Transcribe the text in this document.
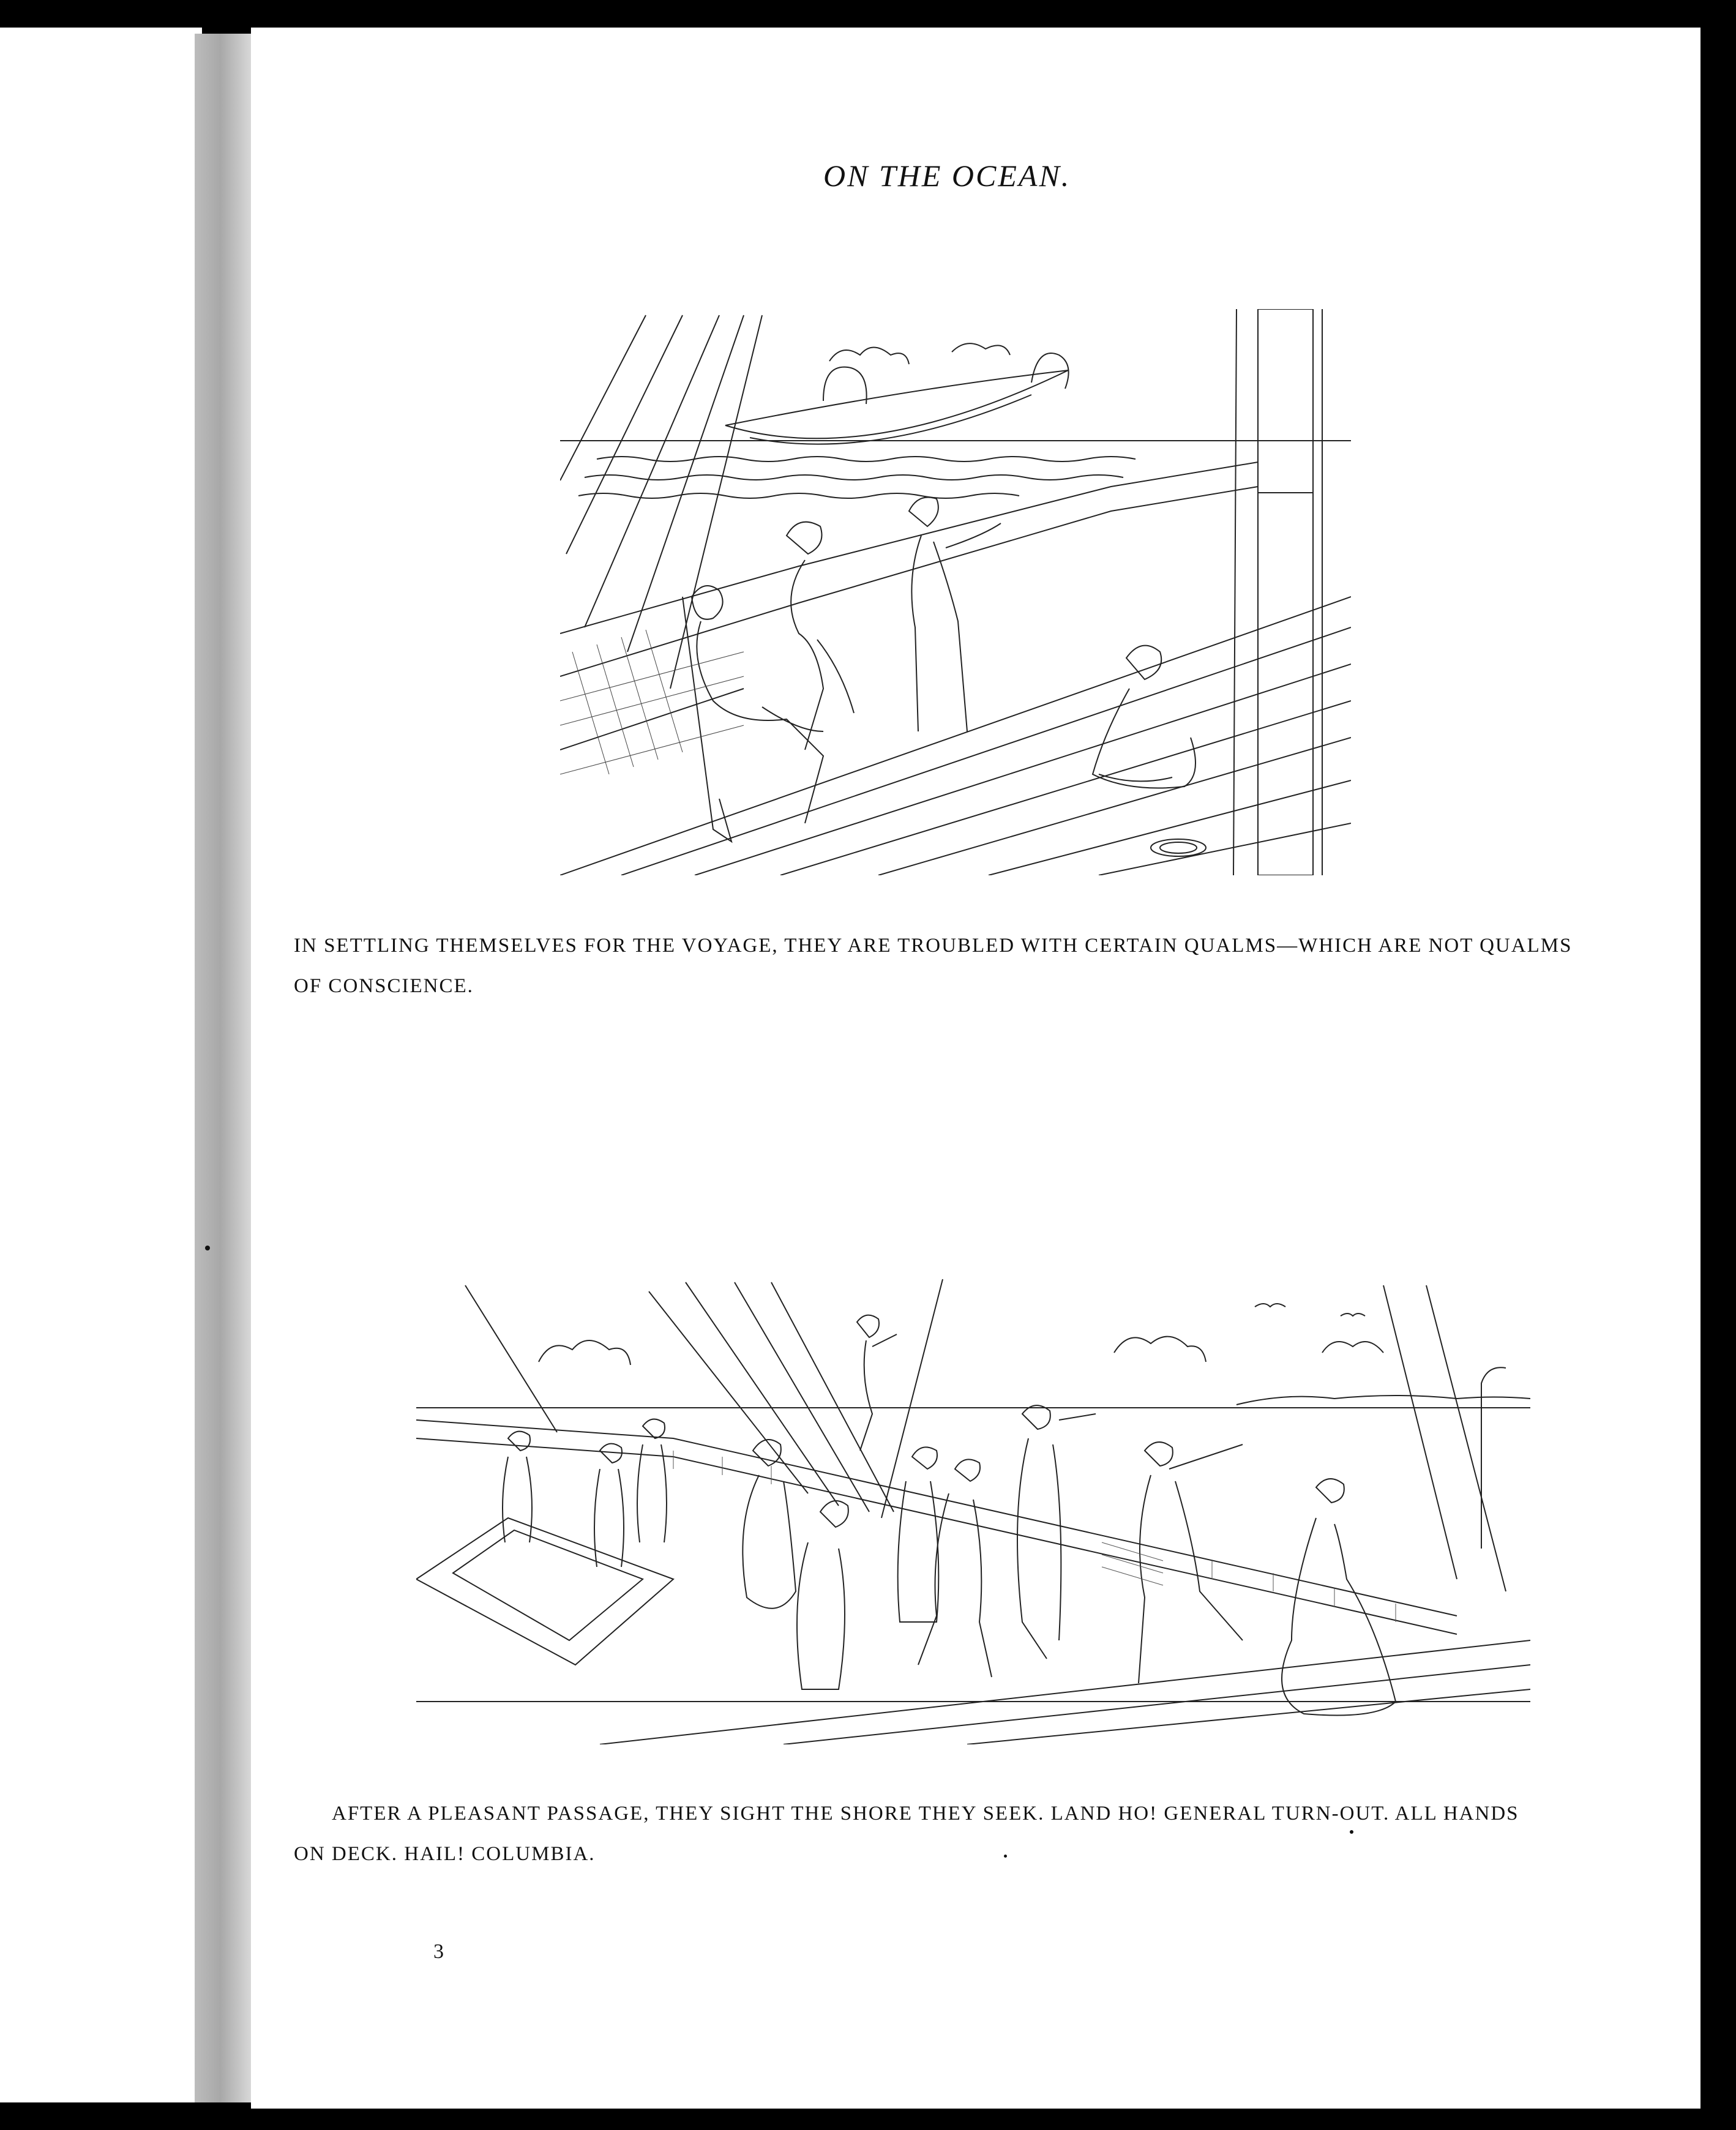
ON THE OCEAN.
IN SETTLING THEMSELVES FOR THE VOYAGE, THEY ARE TROUBLED WITH CERTAIN QUALMS—WHICH ARE NOT QUALMS
OF CONSCIENCE.
AFTER A PLEASANT PASSAGE, THEY SIGHT THE SHORE THEY SEEK. LAND HO! GENERAL TURN-OUT. ALL HANDS
ON DECK. HAIL! COLUMBIA.
3
